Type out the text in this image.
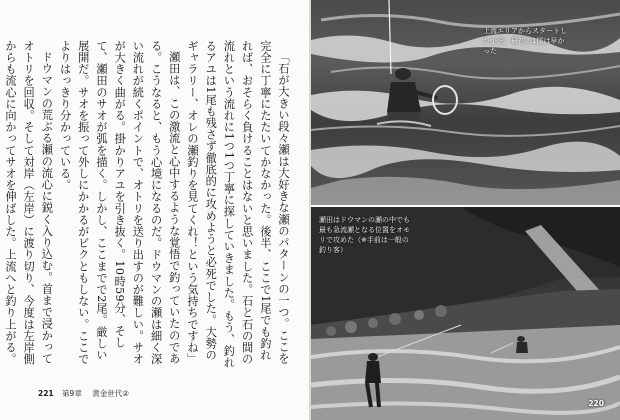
「石が大きい段々瀬は大好きな瀬のパターンの一つ。ここを完全に丁寧にたたいてかなかった。後半、ここで1尾でも釣れれば、おそらく負けることはないと思いました。石と石の間の流れという流れに1つ1つ丁寧に探していきました。もう、釣れるアユは1尾も残さず徹底的に攻めようと必死でした。大勢のギャラリー、オレの瀬釣りを見てくれ！という気持ちですね」

瀬田は、この激流と心中するような覚悟で釣っていたのである。こうなると、もう心境になるのだ。ドウマンの瀬は細く深い流れが続くポイントで、オトリを送り出すのが難しい。サオが大きく曲がる。掛かりアユを引き抜く。10時59分、そして、瀬田のサオが弧を描く。しかし、ここまでで2尾。厳しい展開だ。サオを振って外しにかかるがビクともしない。ここでよりはっきり分かっている。

ドウマンの荒ぶる瀬の流心に鋭く入り込む。首まで浸かってオトリを回収。そして対岸（左岸）に渡り切り、今度は左岸側からも流心に向かってサオを伸ばした。上流へと釣り上がる。

221 第9章 黄金世代②
上流エリアからスタートした小沢。最初の1尾は早かった
瀬田はドウマンの瀬の中でも最も急流瀬となる位置をオモリで攻めた（※手前は一般の釣り客）
220
